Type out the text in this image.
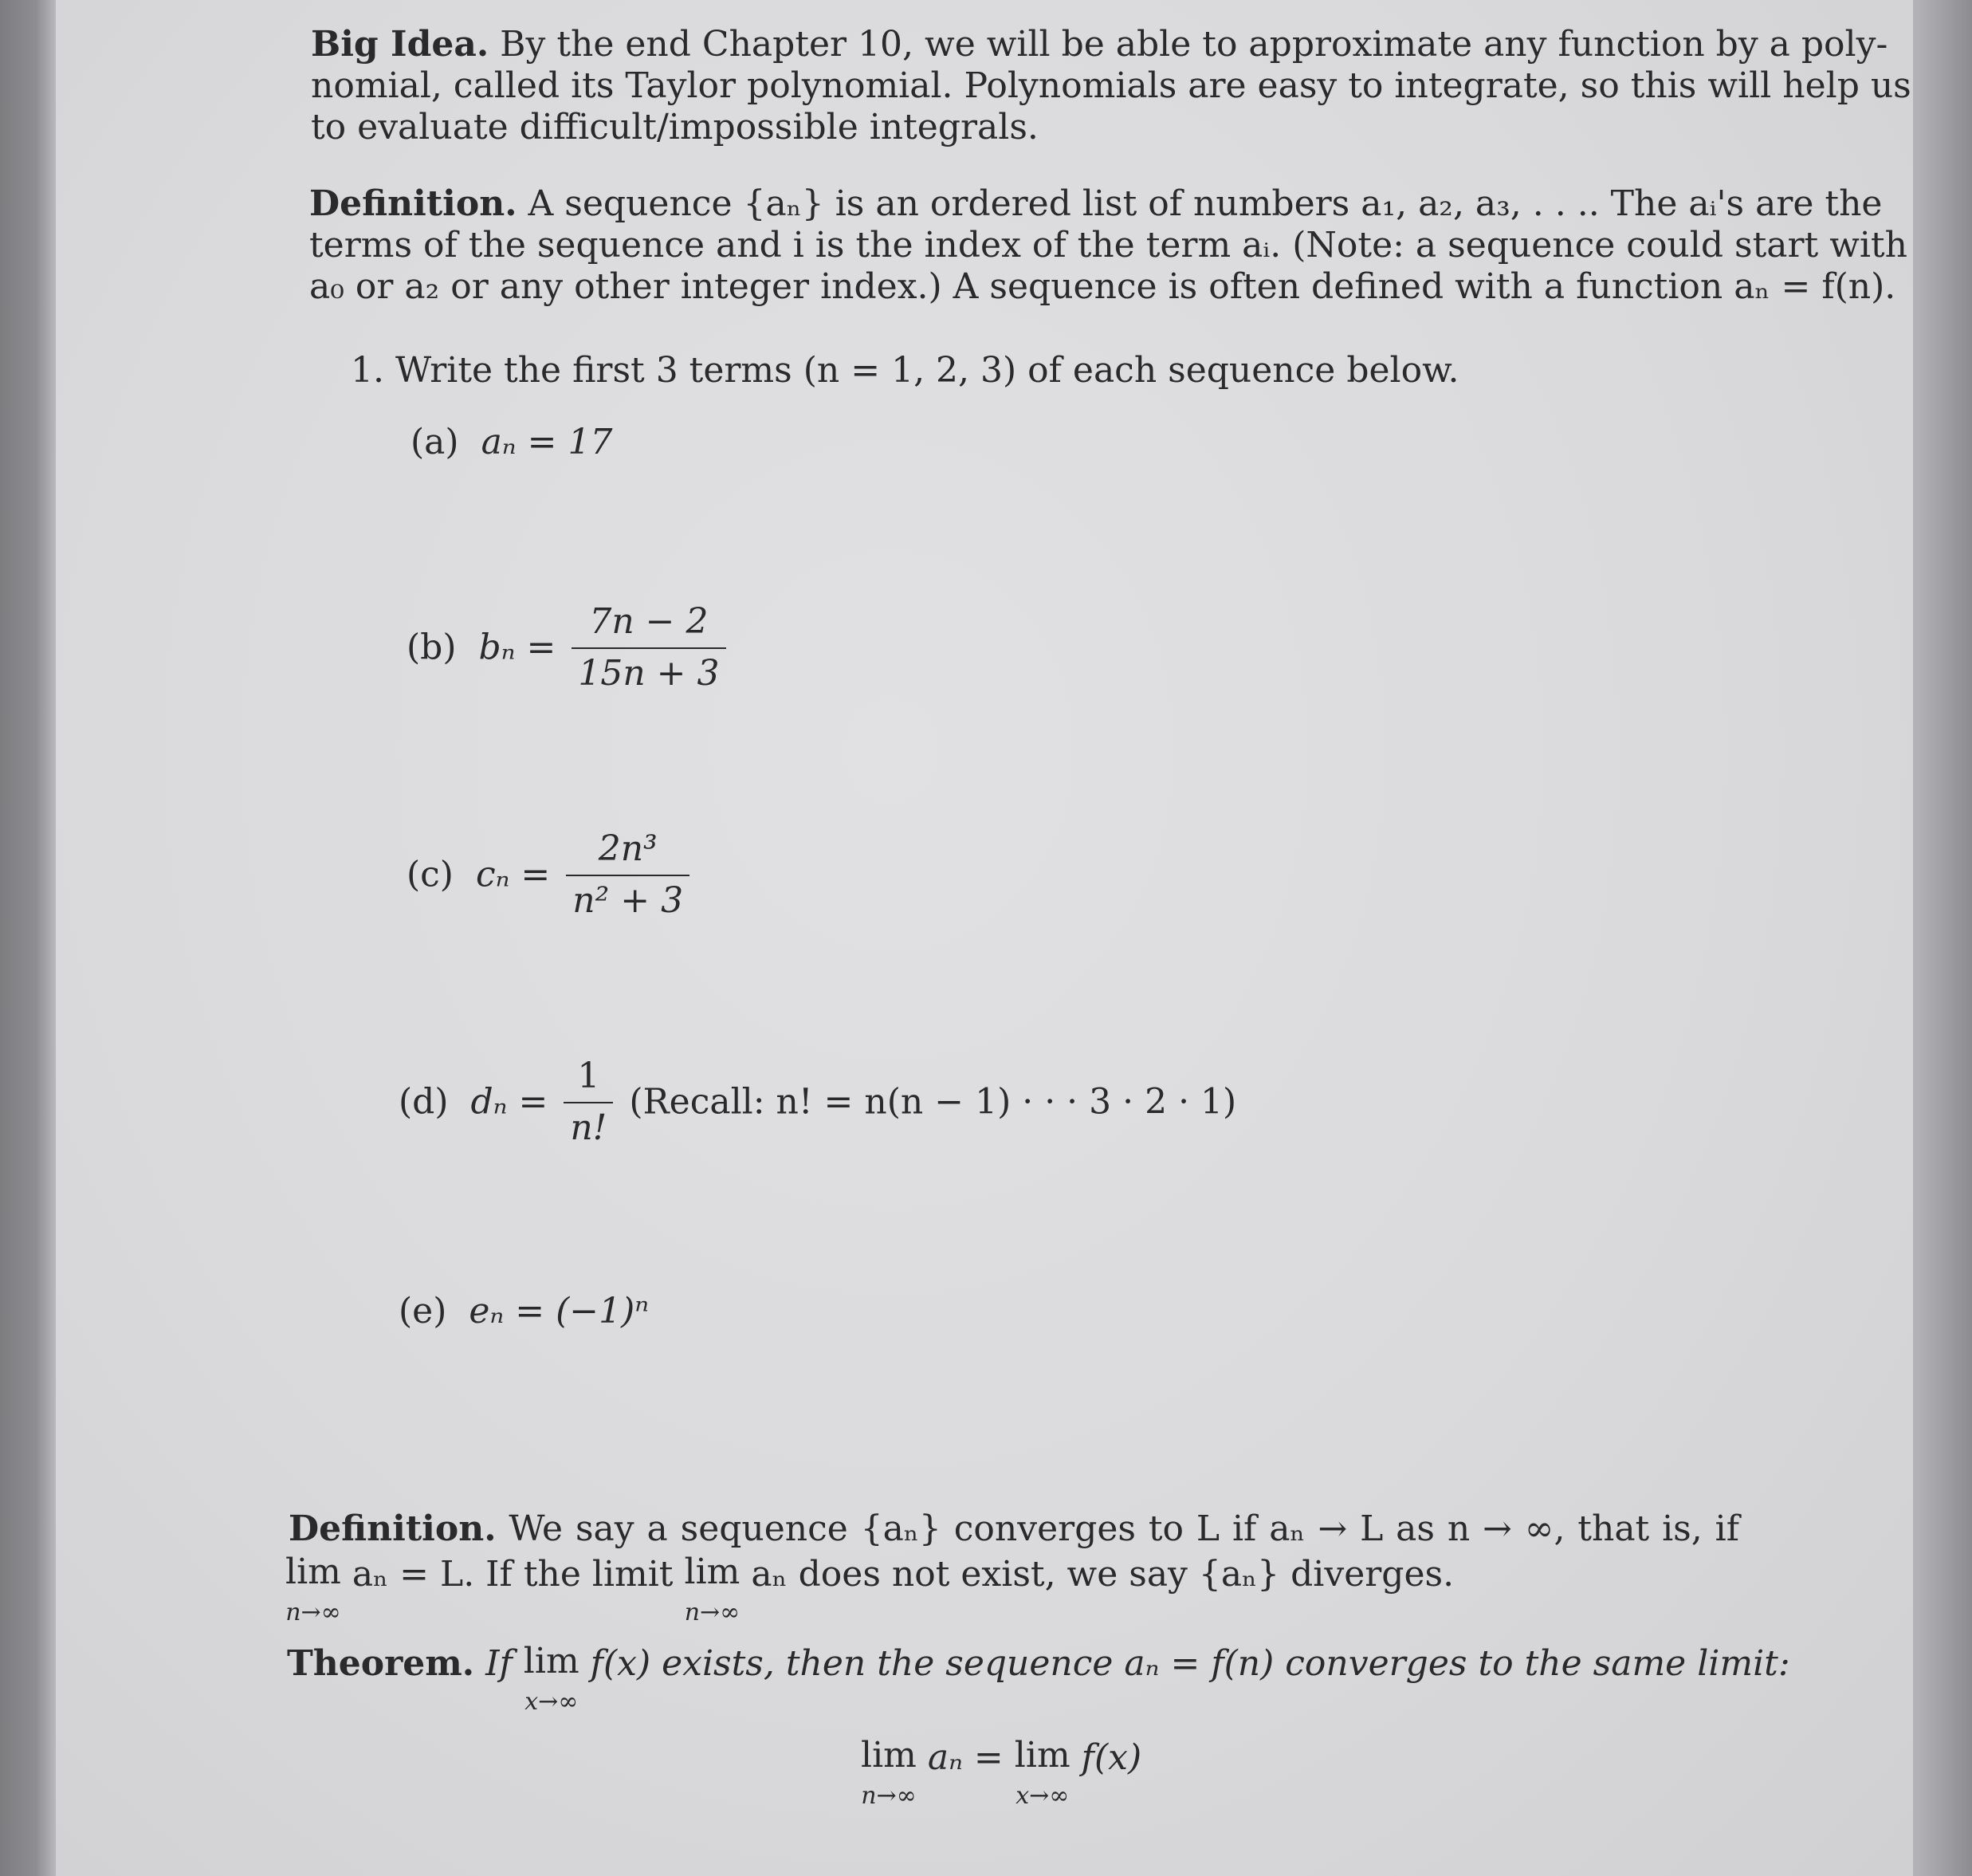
Big Idea. By the end Chapter 10, we will be able to approximate any function by a poly-
nomial, called its Taylor polynomial. Polynomials are easy to integrate, so this will help us
to evaluate difficult/impossible integrals.
Definition. A sequence {aₙ} is an ordered list of numbers a₁, a₂, a₃, . . .. The aᵢ's are the
terms of the sequence and i is the index of the term aᵢ. (Note: a sequence could start with
a₀ or a₂ or any other integer index.) A sequence is often defined with a function aₙ = f(n).
1. Write the first 3 terms (n = 1, 2, 3) of each sequence below.
(a) aₙ = 17
(b) $b_n = \frac{7n - 2}{15n + 3}$
(c) $c_n = \frac{\text{2n³}}{\text{n² + 3}}$
(d) $d_n = \frac{1}{n!}$ (Recall: n! = n(n − 1) · · · 3 · 2 · 1)
(e) eₙ = (−1)ⁿ
Definition. We say a sequence {aₙ} converges to L if aₙ → L as n → ∞, that is, if
lim
n→∞
aₙ = L. If the limit lim
n→∞
aₙ does not exist, we say {aₙ} diverges.
Theorem. If lim
x→∞
f(x) exists, then the sequence aₙ = f(n) converges to the same limit:
lim
n→∞
aₙ = lim
x→∞
f(x)
